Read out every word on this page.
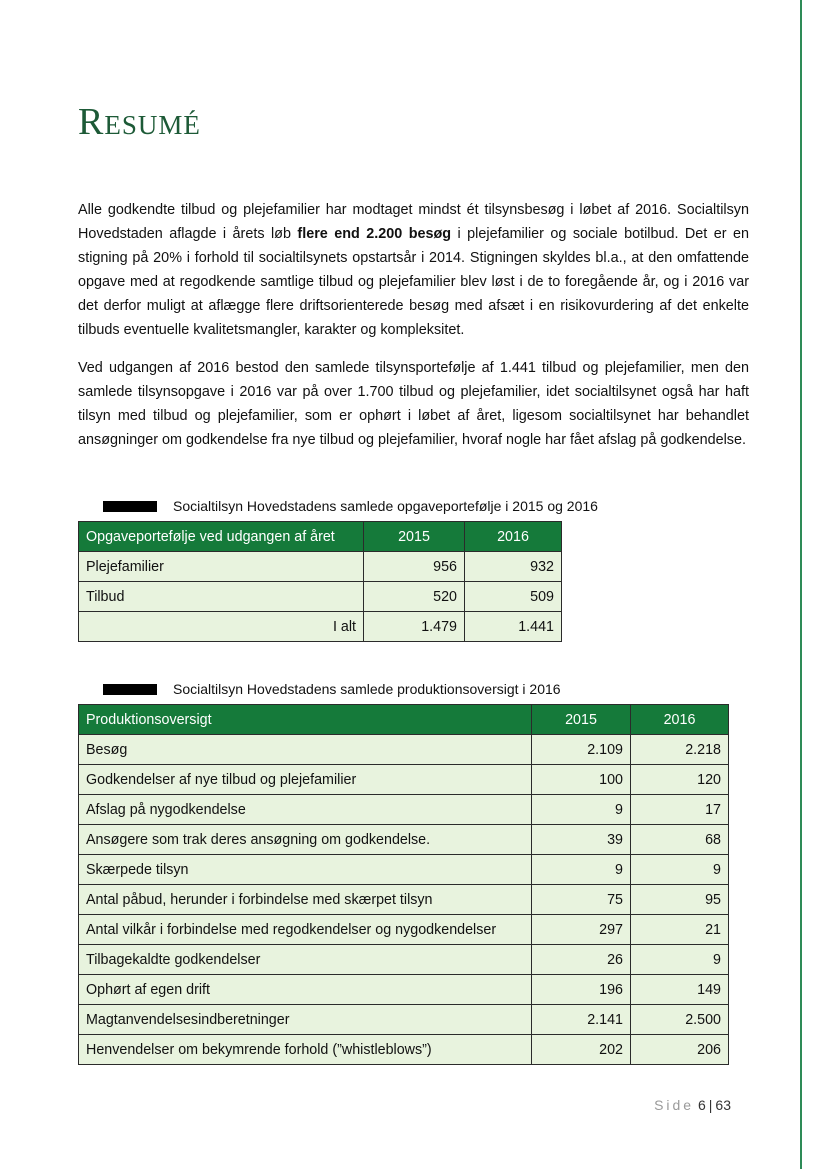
Resumé

Alle godkendte tilbud og plejefamilier har modtaget mindst ét tilsynsbesøg i løbet af 2016. Socialtilsyn Hovedstaden aflagde i årets løb flere end 2.200 besøg i plejefamilier og sociale botilbud. Det er en stigning på 20% i forhold til socialtilsynets opstartsår i 2014. Stigningen skyldes bl.a., at den omfattende opgave med at regodkende samtlige tilbud og plejefamilier blev løst i de to foregående år, og i 2016 var det derfor muligt at aflægge flere driftsorienterede besøg med afsæt i en risikovurdering af det enkelte tilbuds eventuelle kvalitetsmangler, karakter og kompleksitet.

Ved udgangen af 2016 bestod den samlede tilsynsportefølje af 1.441 tilbud og plejefamilier, men den samlede tilsynsopgave i 2016 var på over 1.700 tilbud og plejefamilier, idet socialtilsynet også har haft tilsyn med tilbud og plejefamilier, som er ophørt i løbet af året, ligesom socialtilsynet har behandlet ansøgninger om godkendelse fra nye tilbud og plejefamilier, hvoraf nogle har fået afslag på godkendelse.

Socialtilsyn Hovedstadens samlede opgaveportefølje i 2015 og 2016
Opgaveportefølje ved udgangen af året	2015	2016
Plejefamilier	956	932
Tilbud	520	509
I alt	1.479	1.441
Socialtilsyn Hovedstadens samlede produktionsoversigt i 2016
Produktionsoversigt	2015	2016
Besøg	2.109	2.218
Godkendelser af nye tilbud og plejefamilier	100	120
Afslag på nygodkendelse	9	17
Ansøgere som trak deres ansøgning om godkendelse.	39	68
Skærpede tilsyn	9	9
Antal påbud, herunder i forbindelse med skærpet tilsyn	75	95
Antal vilkår i forbindelse med regodkendelser og nygodkendelser	297	21
Tilbagekaldte godkendelser	26	9
Ophørt af egen drift	196	149
Magtanvendelsesindberetninger	2.141	2.500
Henvendelser om bekymrende forhold (”whistleblows”)	202	206
Side 6 | 63
